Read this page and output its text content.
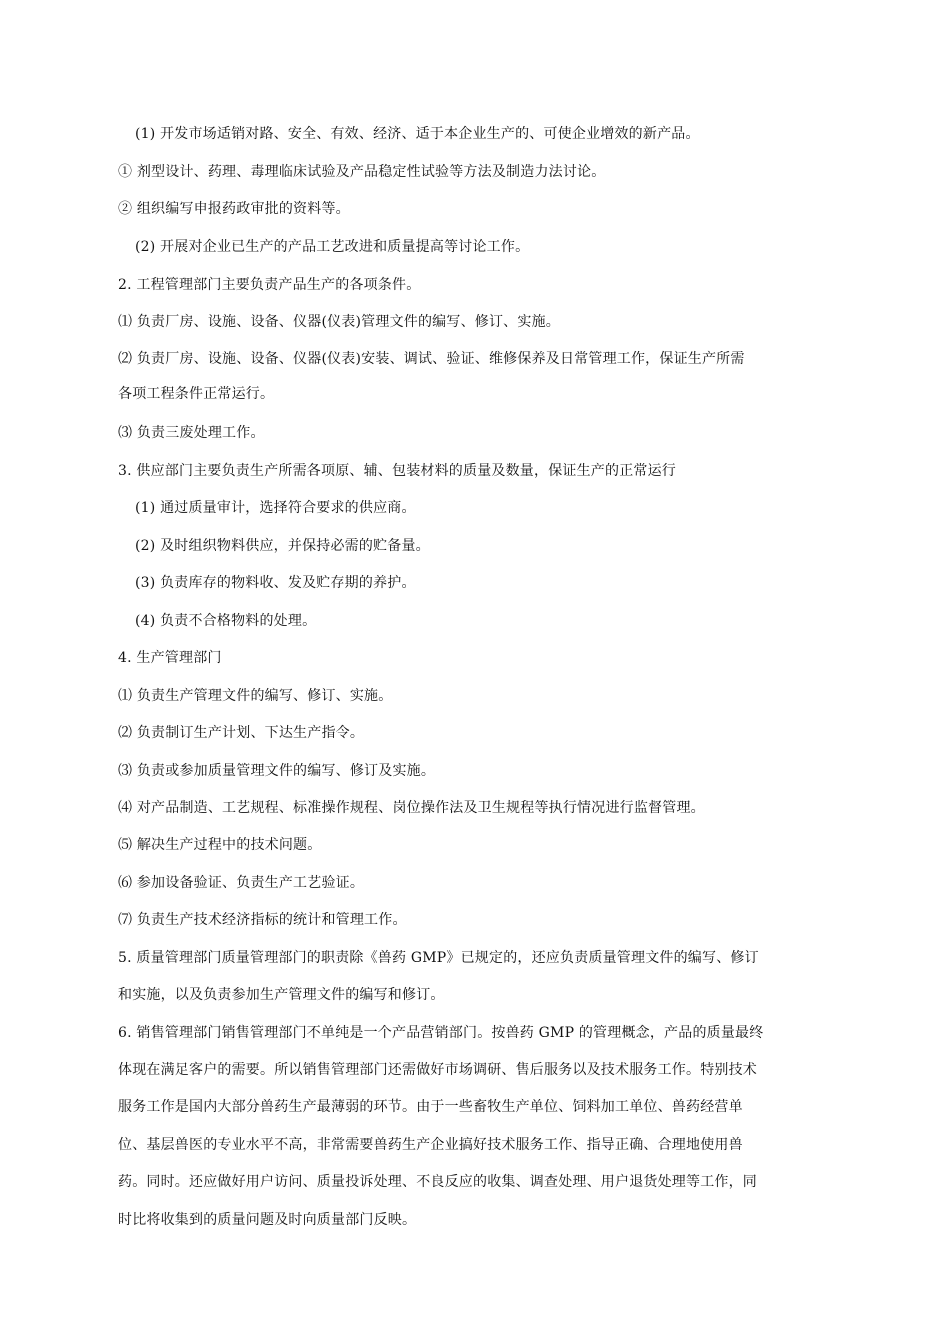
(1) 开发市场适销对路、安全、有效、经济、适于本企业生产的、可使企业增效的新产品。
① 剂型设计、药理、毒理临床试验及产品稳定性试验等方法及制造力法讨论。
② 组织编写申报药政审批的资料等。
(2) 开展对企业已生产的产品工艺改进和质量提高等讨论工作。
2. 工程管理部门主要负责产品生产的各项条件。
⑴ 负责厂房、设施、设备、仪器(仪表)管理文件的编写、修订、实施。
⑵ 负责厂房、设施、设备、仪器(仪表)安装、调试、验证、维修保养及日常管理工作，保证生产所需
各项工程条件正常运行。
⑶ 负责三废处理工作。
3. 供应部门主要负责生产所需各项原、辅、包装材料的质量及数量，保证生产的正常运行
(1) 通过质量审计，选择符合要求的供应商。
(2) 及时组织物料供应，并保持必需的贮备量。
(3) 负责库存的物料收、发及贮存期的养护。
(4) 负责不合格物料的处理。
4. 生产管理部门
⑴ 负责生产管理文件的编写、修订、实施。
⑵ 负责制订生产计划、下达生产指令。
⑶ 负责或参加质量管理文件的编写、修订及实施。
⑷ 对产品制造、工艺规程、标准操作规程、岗位操作法及卫生规程等执行情况进行监督管理。
⑸ 解决生产过程中的技术问题。
⑹ 参加设备验证、负责生产工艺验证。
⑺ 负责生产技术经济指标的统计和管理工作。
5. 质量管理部门质量管理部门的职责除《兽药 GMP》已规定的，还应负责质量管理文件的编写、修订
和实施，以及负责参加生产管理文件的编写和修订。
6. 销售管理部门销售管理部门不单纯是一个产品营销部门。按兽药 GMP 的管理概念，产品的质量最终
体现在满足客户的需要。所以销售管理部门还需做好市场调研、售后服务以及技术服务工作。特别技术
服务工作是国内大部分兽药生产最薄弱的环节。由于一些畜牧生产单位、饲料加工单位、兽药经营单
位、基层兽医的专业水平不高，非常需要兽药生产企业搞好技术服务工作、指导正确、合理地使用兽
药。同时。还应做好用户访问、质量投诉处理、不良反应的收集、调查处理、用户退货处理等工作，同
时比将收集到的质量问题及时向质量部门反映。
